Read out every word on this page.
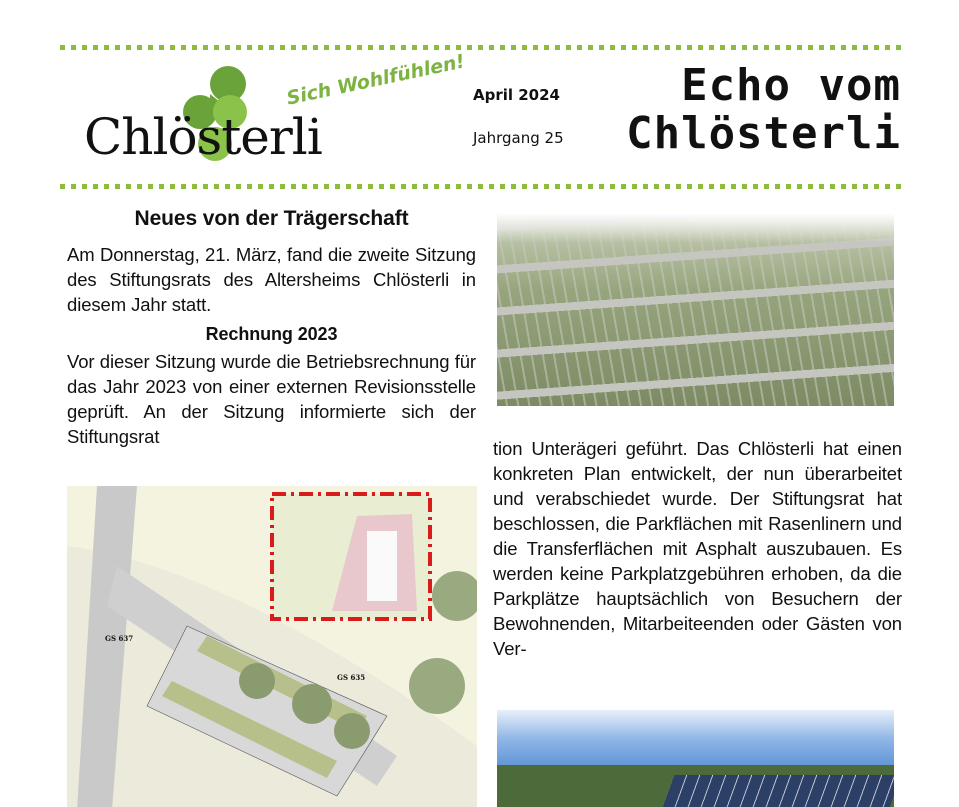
Chlösterli
Sich Wohlfühlen! April 2024
Jahrgang 25
Echo vom
Chlösterli
Neues von der Trägerschaft

Am Donnerstag, 21. März, fand die zweite Sitzung des Stiftungsrats des Altersheims Chlösterli in diesem Jahr statt.

Rechnung 2023

Vor dieser Sitzung wurde die Betriebsrechnung für das Jahr 2023 von einer externen Revisionsstelle geprüft. An der Sitzung informierte sich der Stiftungsrat

GS 637
GS 635

tion Unterägeri geführt. Das Chlösterli hat einen konkreten Plan entwickelt, der nun überarbeitet und verabschiedet wurde. Der Stiftungsrat hat beschlossen, die Parkflächen mit Rasenlinern und die Transferflächen mit Asphalt auszubauen. Es werden keine Parkplatzgebühren erhoben, da die Parkplätze hauptsächlich von Besuchern der Bewohnenden, Mitarbeiteenden oder Gästen von Ver-
